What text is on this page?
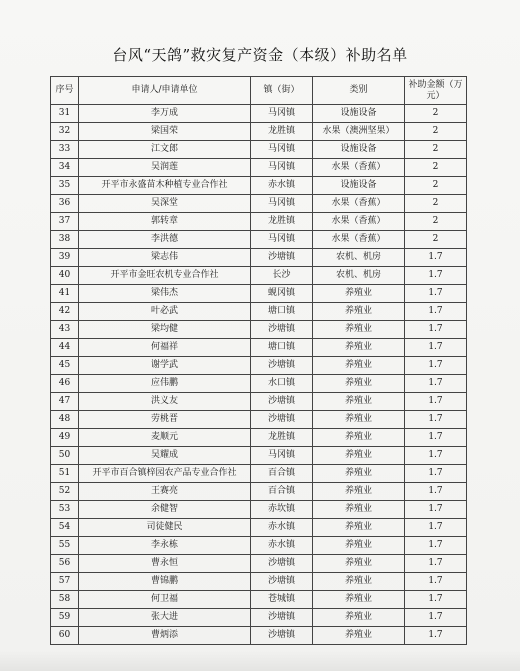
台风“天鸽”救灾复产资金（本级）补助名单
序号	申请人/申请单位	镇（街）	类别	补助金额（万元）
31	李万成	马冈镇	设施设备	2
32	梁国荣	龙胜镇	水果（澳洲坚果）	2
33	江文郎	马冈镇	设施设备	2
34	吴润莲	马冈镇	水果（香蕉）	2
35	开平市永盛苗木种植专业合作社	赤水镇	设施设备	2
36	吴深堂	马冈镇	水果（香蕉）	2
37	郭转章	龙胜镇	水果（香蕉）	2
38	李洪德	马冈镇	水果（香蕉）	2
39	梁志伟	沙塘镇	农机、机房	1.7
40	开平市金旺农机专业合作社	长沙	农机、机房	1.7
41	梁伟杰	蚬冈镇	养殖业	1.7
42	叶必武	塘口镇	养殖业	1.7
43	梁均健	沙塘镇	养殖业	1.7
44	何福祥	塘口镇	养殖业	1.7
45	谢学武	沙塘镇	养殖业	1.7
46	应伟鹏	水口镇	养殖业	1.7
47	洪义友	沙塘镇	养殖业	1.7
48	劳桃晋	沙塘镇	养殖业	1.7
49	麦顺元	龙胜镇	养殖业	1.7
50	吴耀成	马冈镇	养殖业	1.7
51	开平市百合镇梓园农产品专业合作社	百合镇	养殖业	1.7
52	王赛亮	百合镇	养殖业	1.7
53	余健智	赤坎镇	养殖业	1.7
54	司徒健民	赤水镇	养殖业	1.7
55	李永栋	赤水镇	养殖业	1.7
56	曹永恒	沙塘镇	养殖业	1.7
57	曹锦鹏	沙塘镇	养殖业	1.7
58	何卫福	苍城镇	养殖业	1.7
59	张大进	沙塘镇	养殖业	1.7
60	曹炳添	沙塘镇	养殖业	1.7
